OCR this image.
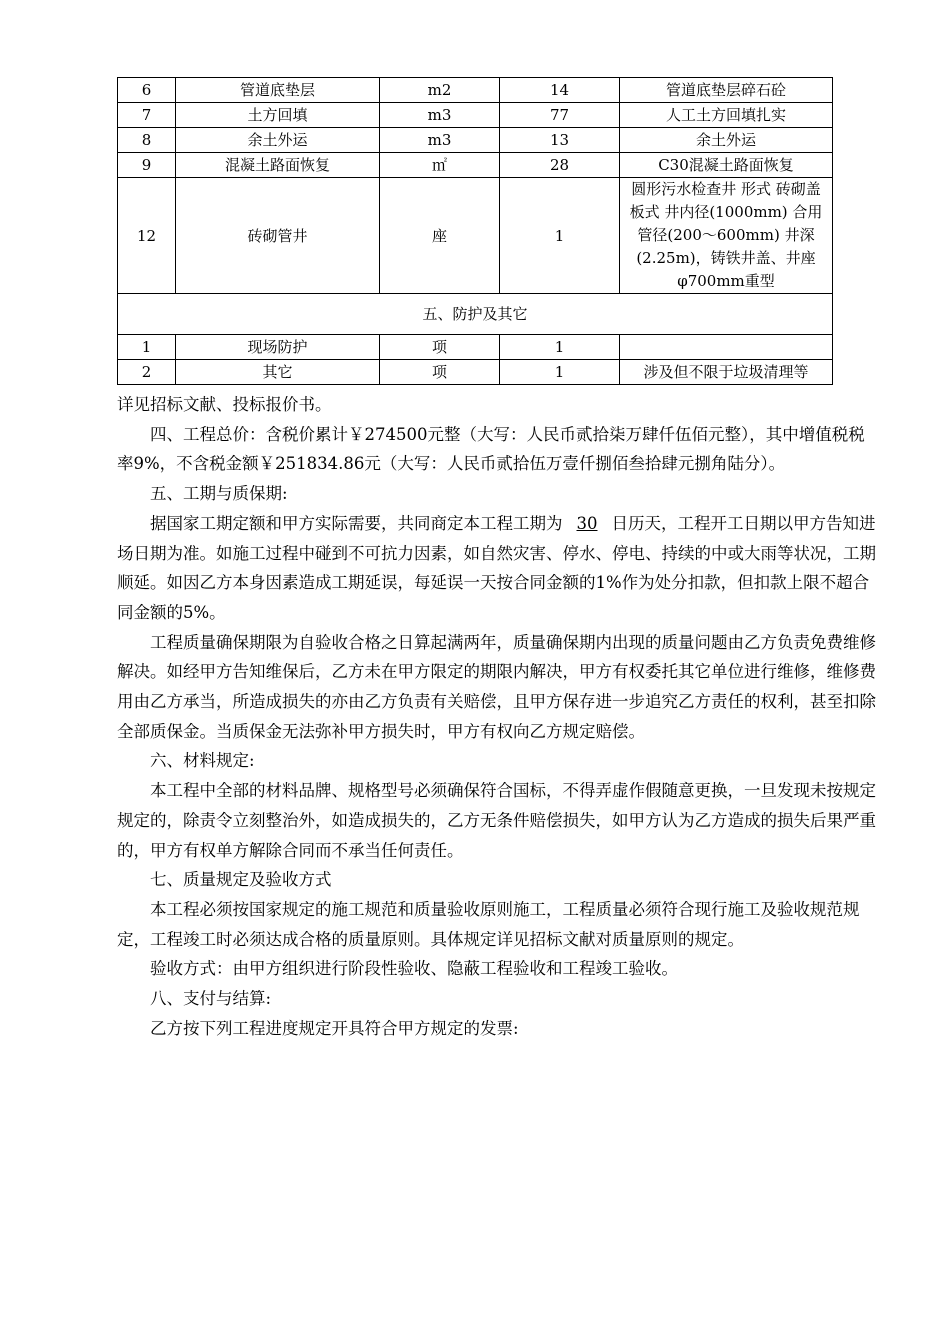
6	管道底垫层	m2	14	管道底垫层碎石砼
7	土方回填	m3	77	人工土方回填扎实
8	余土外运	m3	13	余土外运
9	混凝土路面恢复	㎡	28	C30混凝土路面恢复
12	砖砌管井	座	1	圆形污水检查井 形式 砖砌盖板式 井内径(1000mm) 合用管径(200～600mm) 井深(2.25m)，铸铁井盖、井座 φ700mm重型
五、防护及其它				
1	现场防护	项	1	
2	其它	项	1	涉及但不限于垃圾清理等

详见招标文献、投标报价书。

四、工程总价：含税价累计￥274500元整（大写：人民币贰拾柒万肆仟伍佰元整），其中增值税税率9%，不含税金额￥251834.86元（大写：人民币贰拾伍万壹仟捌佰叁拾肆元捌角陆分）。

五、工期与质保期:

据国家工期定额和甲方实际需要，共同商定本工程工期为 30 日历天，工程开工日期以甲方告知进场日期为准。如施工过程中碰到不可抗力因素，如自然灾害、停水、停电、持续的中或大雨等状况，工期顺延。如因乙方本身因素造成工期延误，每延误一天按合同金额的1%作为处分扣款，但扣款上限不超合同金额的5%。

工程质量确保期限为自验收合格之日算起满两年，质量确保期内出现的质量问题由乙方负责免费维修解决。如经甲方告知维保后，乙方未在甲方限定的期限内解决，甲方有权委托其它单位进行维修，维修费用由乙方承当，所造成损失的亦由乙方负责有关赔偿，且甲方保存进一步追究乙方责任的权利，甚至扣除全部质保金。当质保金无法弥补甲方损失时，甲方有权向乙方规定赔偿。

六、材料规定:

本工程中全部的材料品牌、规格型号必须确保符合国标，不得弄虚作假随意更换，一旦发现未按规定规定的，除责令立刻整治外，如造成损失的，乙方无条件赔偿损失，如甲方认为乙方造成的损失后果严重的，甲方有权单方解除合同而不承当任何责任。

七、质量规定及验收方式

本工程必须按国家规定的施工规范和质量验收原则施工，工程质量必须符合现行施工及验收规范规定，工程竣工时必须达成合格的质量原则。具体规定详见招标文献对质量原则的规定。

验收方式：由甲方组织进行阶段性验收、隐蔽工程验收和工程竣工验收。

八、支付与结算:

乙方按下列工程进度规定开具符合甲方规定的发票:
